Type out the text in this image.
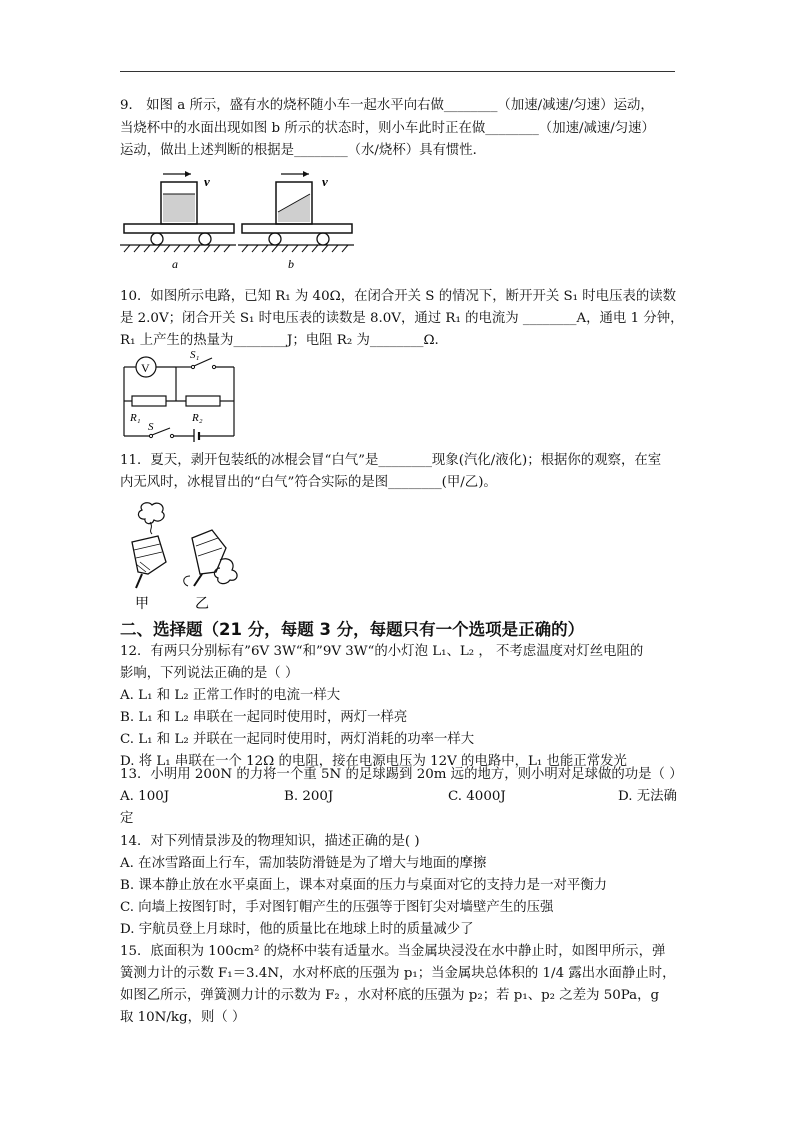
9． 如图 a 所示，盛有水的烧杯随小车一起水平向右做________（加速/减速/匀速）运动，
当烧杯中的水面出现如图 b 所示的状态时，则小车此时正在做________（加速/减速/匀速）
运动，做出上述判断的根据是________（水/烧杯）具有惯性．
v
a
v
b
10．如图所示电路，已知 R₁ 为 40Ω，在闭合开关 S 的情况下，断开开关 S₁ 时电压表的读数
是 2.0V；闭合开关 S₁ 时电压表的读数是 8.0V，通过 R₁ 的电流为 ________A，通电 1 分钟，
R₁ 上产生的热量为________J；电阻 R₂ 为________Ω.
V
S₁
R₁	R₂
S
11．夏天，剥开包装纸的冰棍会冒“白气”是________现象(汽化/液化)；根据你的观察，在室
内无风时，冰棍冒出的“白气”符合实际的是图________(甲/乙)。
甲	乙
二、选择题（21 分，每题 3 分，每题只有一个选项是正确的）
12．有两只分别标有”6V 3W“和”9V 3W“的小灯泡 L₁、L₂ ， 不考虑温度对灯丝电阻的
影响，下列说法正确的是（ ）
A. L₁ 和 L₂ 正常工作时的电流一样大
B. L₁ 和 L₂ 串联在一起同时使用时，两灯一样亮
C. L₁ 和 L₂ 并联在一起同时使用时，两灯消耗的功率一样大
D. 将 L₁ 串联在一个 12Ω 的电阻，接在电源电压为 12V 的电路中，L₁ 也能正常发光
13．小明用 200N 的力将一个重 5N 的足球踢到 20m 远的地方，则小明对足球做的功是（ ）
A. 100J	B. 200J	C. 4000J	D. 无法确
定
14．对下列情景涉及的物理知识，描述正确的是( )
A. 在冰雪路面上行车，需加装防滑链是为了增大与地面的摩擦
B. 课本静止放在水平桌面上，课本对桌面的压力与桌面对它的支持力是一对平衡力
C. 向墙上按图钉时，手对图钉帽产生的压强等于图钉尖对墙壁产生的压强
D. 宇航员登上月球时，他的质量比在地球上时的质量减少了
15．底面积为 100cm² 的烧杯中装有适量水。当金属块浸没在水中静止时，如图甲所示，弹
簧测力计的示数 F₁＝3.4N，水对杯底的压强为 p₁；当金属块总体积的 1/4 露出水面静止时，
如图乙所示，弹簧测力计的示数为 F₂ ，水对杯底的压强为 p₂；若 p₁、p₂ 之差为 50Pa，g
取 10N/kg，则（ ）
